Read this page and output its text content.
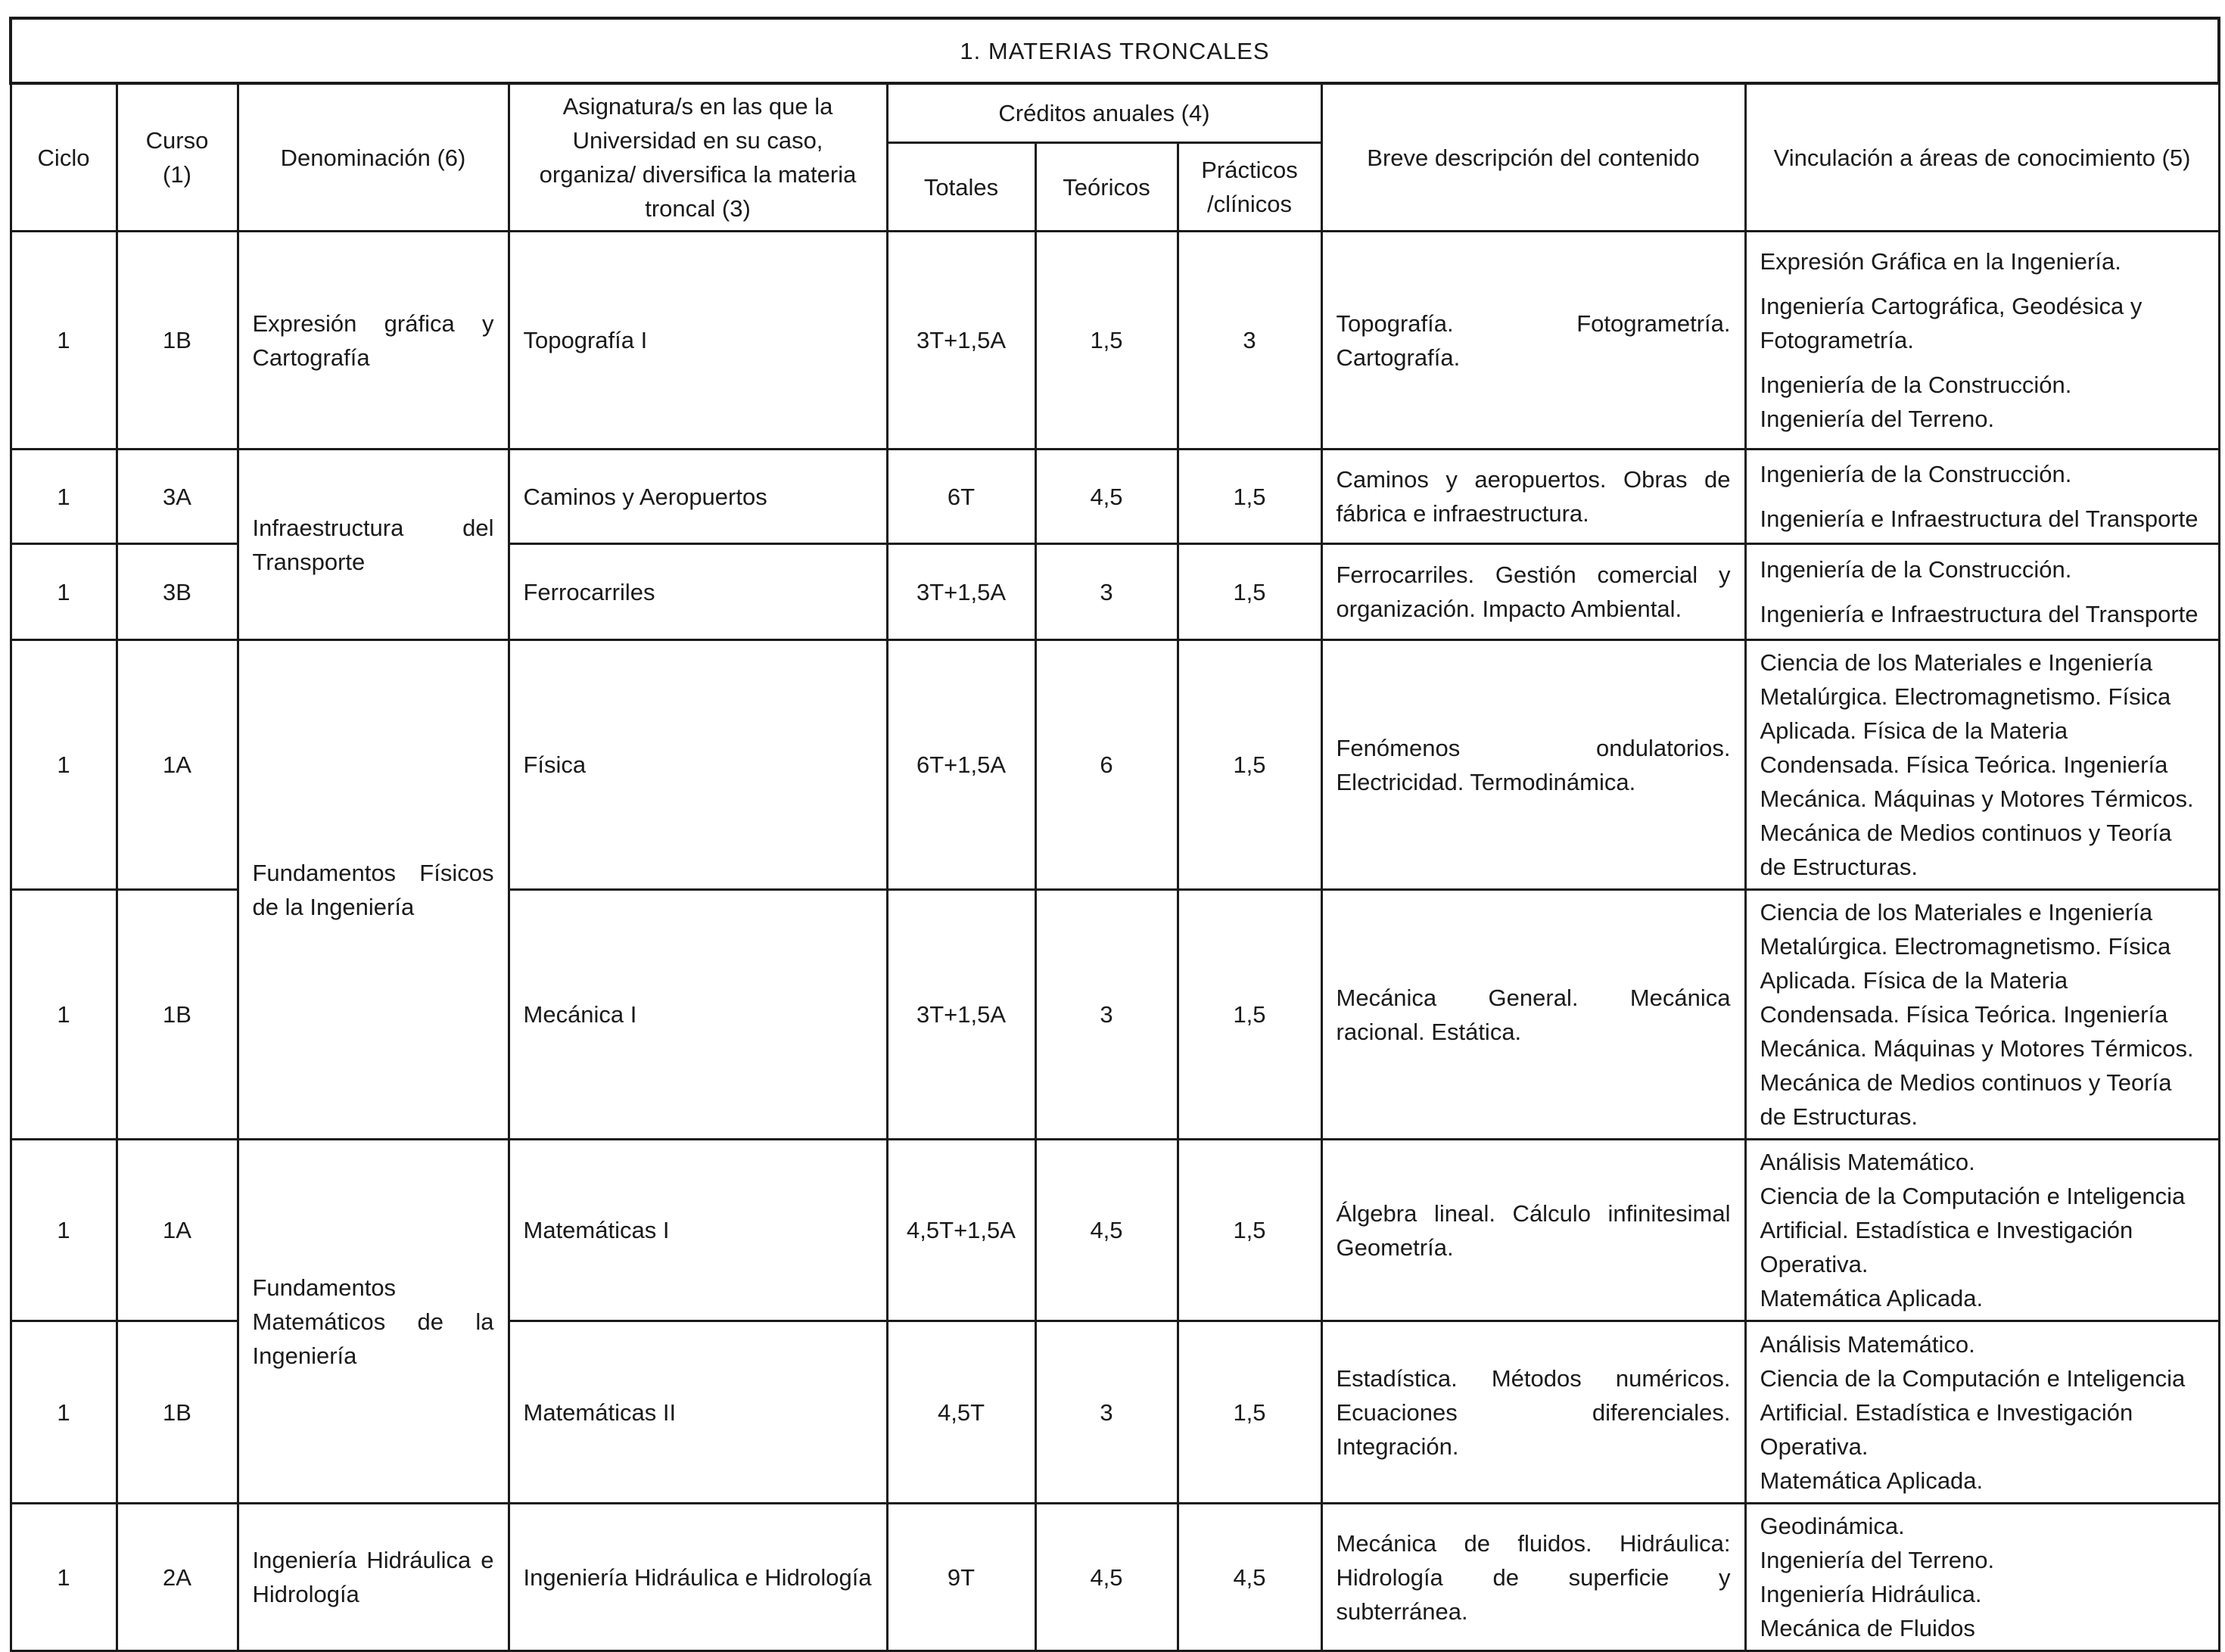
1. MATERIAS TRONCALES								
Ciclo	Curso (1)	Denominación (6)	Asignatura/s en las que la Universidad en su caso, organiza/ diversifica la materia troncal (3)	Créditos anuales (4)			Breve descripción del contenido	Vinculación a áreas de conocimiento (5)
				Totales	Teóricos	Prácticos /clínicos		
1	1B	Expresión gráfica y Cartografía	Topografía I	3T+1,5A	1,5	3	Topografía. Fotogrametría. Cartografía.	Expresión Gráfica en la Ingeniería.
Ingeniería Cartográfica, Geodésica y Fotogrametría.
Ingeniería de la Construcción.
Ingeniería del Terreno.

1	3A	Infraestructura del Transporte	Caminos y Aeropuertos	6T	4,5	1,5	Caminos y aeropuertos. Obras de fábrica e infraestructura.	Ingeniería de la Construcción.
Ingeniería e Infraestructura del Transporte

1	3B		Ferrocarriles	3T+1,5A	3	1,5	Ferrocarriles. Gestión comercial y organización. Impacto Ambiental.	Ingeniería de la Construcción.
Ingeniería e Infraestructura del Transporte

1	1A	Fundamentos Físicos de la Ingeniería	Física	6T+1,5A	6	1,5	Fenómenos ondulatorios. Electricidad. Termodinámica.	Ciencia de los Materiales e Ingeniería Metalúrgica. Electromagnetismo. Física Aplicada. Física de la Materia Condensada. Física Teórica. Ingeniería Mecánica. Máquinas y Motores Térmicos. Mecánica de Medios continuos y Teoría de Estructuras.
1	1B		Mecánica I	3T+1,5A	3	1,5	Mecánica General. Mecánica racional. Estática.	Ciencia de los Materiales e Ingeniería Metalúrgica. Electromagnetismo. Física Aplicada. Física de la Materia Condensada. Física Teórica. Ingeniería Mecánica. Máquinas y Motores Térmicos. Mecánica de Medios continuos y Teoría de Estructuras.
1	1A	Fundamentos Matemáticos de la Ingeniería	Matemáticas I	4,5T+1,5A	4,5	1,5	Álgebra lineal. Cálculo infinitesimal Geometría.	Análisis Matemático.
Ciencia de la Computación e Inteligencia Artificial. Estadística e Investigación Operativa.
Matemática Aplicada.

1	1B		Matemáticas II	4,5T	3	1,5	Estadística. Métodos numéricos. Ecuaciones diferenciales. Integración.	Análisis Matemático.
Ciencia de la Computación e Inteligencia Artificial. Estadística e Investigación Operativa.
Matemática Aplicada.

1	2A	Ingeniería Hidráulica e Hidrología	Ingeniería Hidráulica e Hidrología	9T	4,5	4,5	Mecánica de fluidos. Hidráulica: Hidrología de superficie y subterránea.	Geodinámica.
Ingeniería del Terreno.
Ingeniería Hidráulica.
Mecánica de Fluidos
